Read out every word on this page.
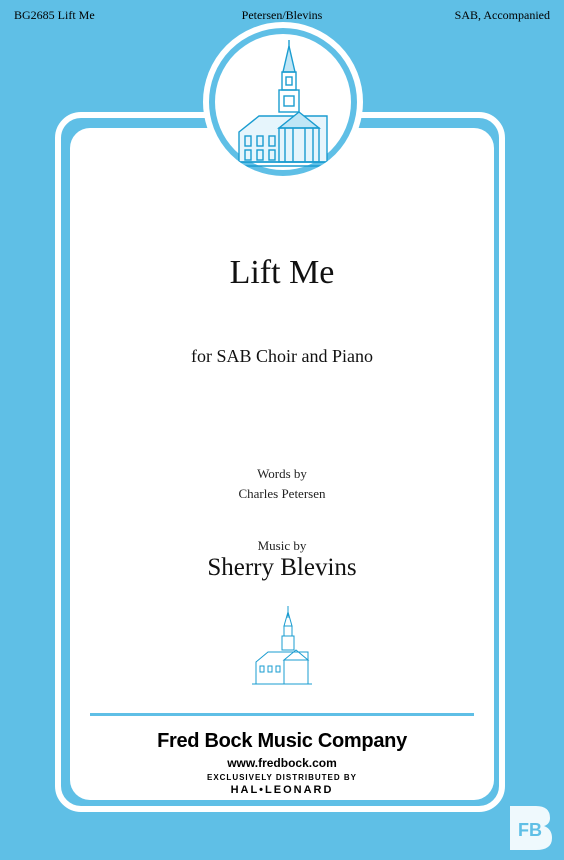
BG2685 Lift Me	Petersen/Blevins	SAB, Accompanied
Lift Me
for SAB Choir and Piano
Words by
Charles Petersen
Music by
Sherry Blevins
Fred Bock Music Company
www.fredbock.com
EXCLUSIVELY DISTRIBUTED BY
HAL•LEONARD
FB
